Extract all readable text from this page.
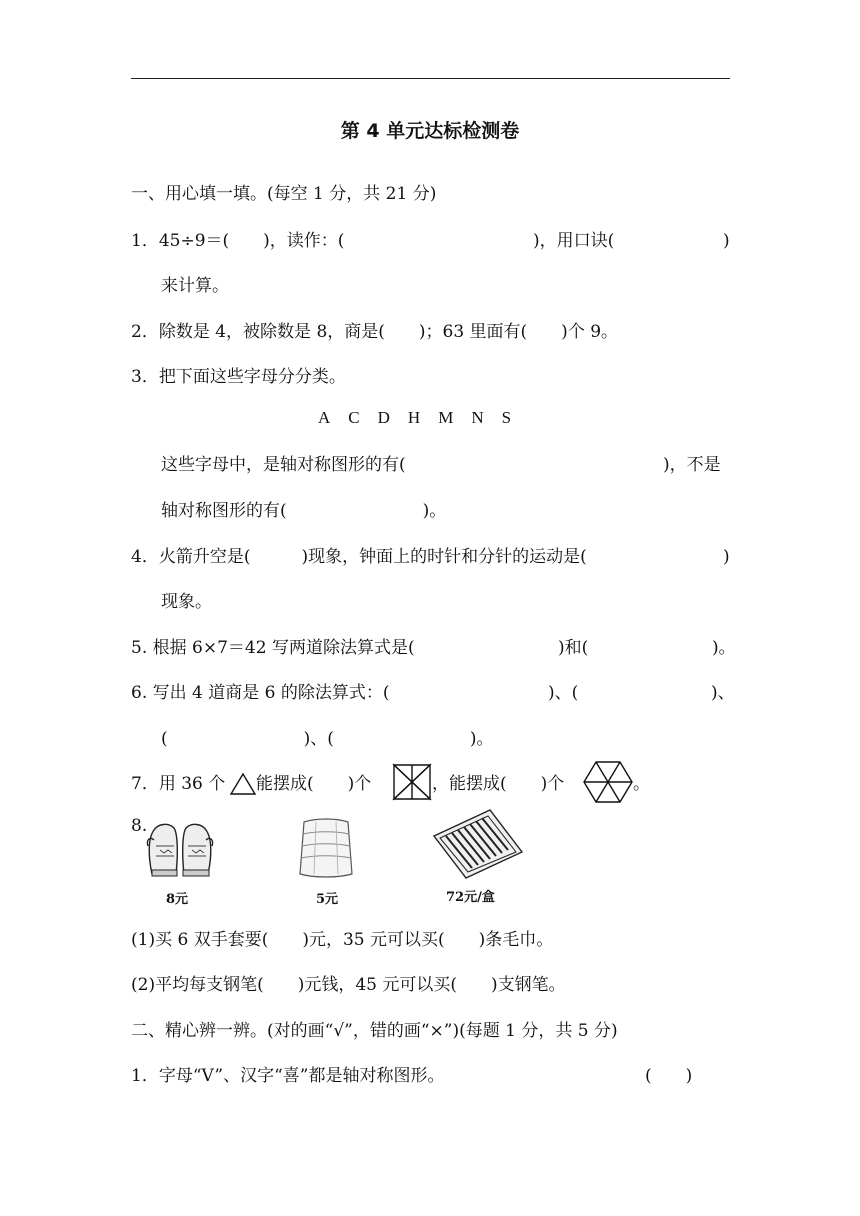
第 4 单元达标检测卷
一、用心填一填。(每空 1 分，共 21 分)
1．45÷9＝(　　)，读作：(	)，用口诀(	)
来计算。
2．除数是 4，被除数是 8，商是(　　)；63 里面有(　　)个 9。
3．把下面这些字母分分类。
A C D H M N S
这些字母中，是轴对称图形的有(	)，不是
轴对称图形的有(　　　　　　　　)。
4．火箭升空是(　　　)现象，钟面上的时针和分针的运动是(	)
现象。
5. 根据 6×7＝42 写两道除法算式是(	)和(	)。
6. 写出 4 道商是 6 的除法算式：(	)、(	)、
(　　　　　　　　)、(　　　　　　　　)。
7．用 36 个 能摆成(　　)个	，能摆成(　　)个	。
8.
8元	5元	72元/盒
(1)买 6 双手套要(　　)元，35 元可以买(　　)条毛巾。
(2)平均每支钢笔(　　)元钱，45 元可以买(　　)支钢笔。
二、精心辨一辨。(对的画“√”，错的画“×”)(每题 1 分，共 5 分)
1．字母“V”、汉字“喜”都是轴对称图形。	(　　)
